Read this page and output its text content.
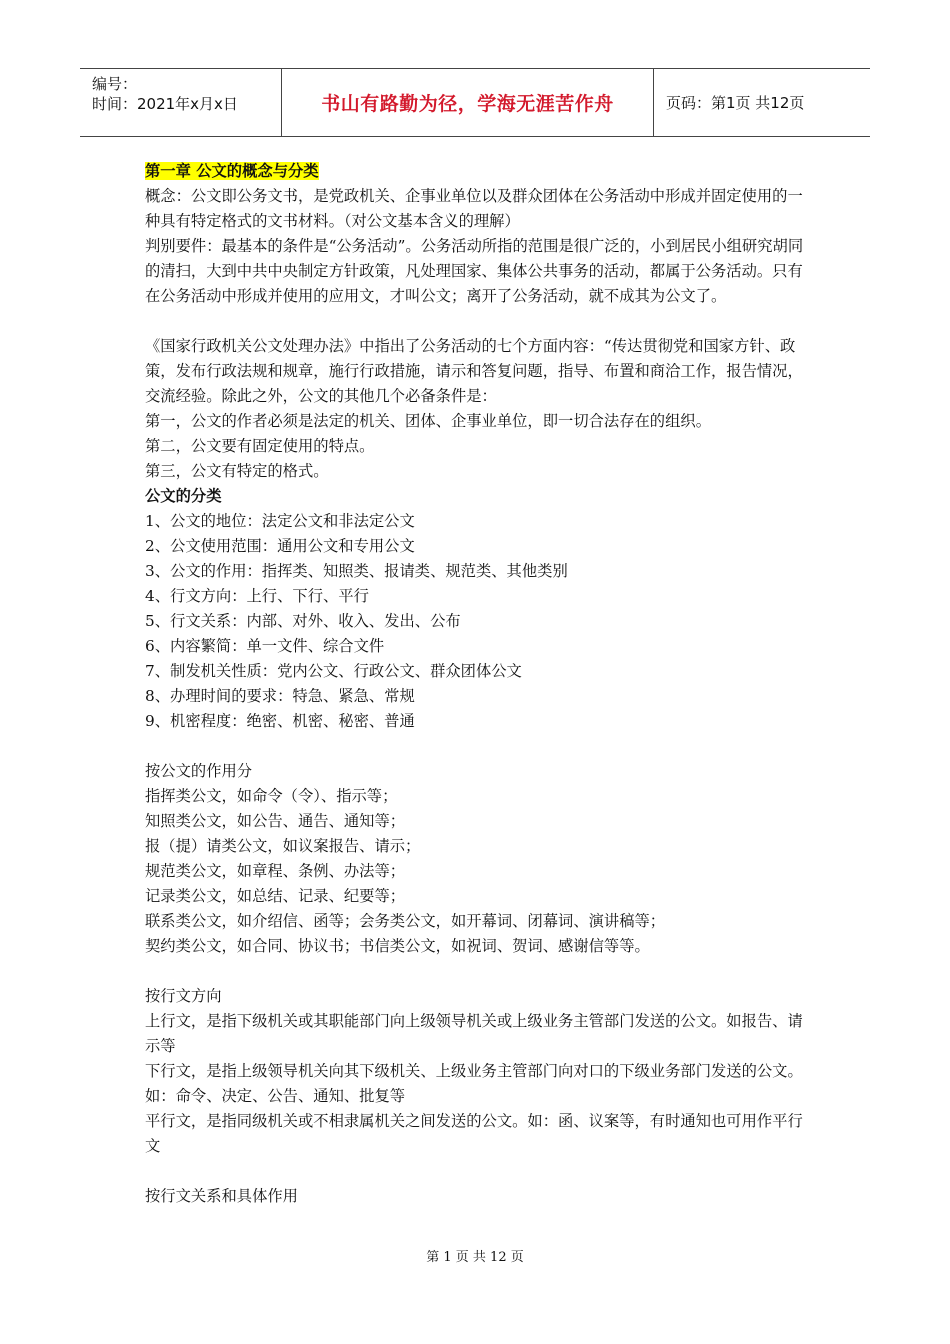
编号：
时间：2021年x月x日	书山有路勤为径，学海无涯苦作舟	页码：第1页 共12页

第一章 公文的概念与分类

概念：公文即公务文书，是党政机关、企事业单位以及群众团体在公务活动中形成并固定使用的一种具有特定格式的文书材料。（对公文基本含义的理解）

判别要件：最基本的条件是“公务活动”。公务活动所指的范围是很广泛的，小到居民小组研究胡同的清扫，大到中共中央制定方针政策，凡处理国家、集体公共事务的活动，都属于公务活动。只有在公务活动中形成并使用的应用文，才叫公文；离开了公务活动，就不成其为公文了。

《国家行政机关公文处理办法》中指出了公务活动的七个方面内容：“传达贯彻党和国家方针、政策，发布行政法规和规章，施行行政措施，请示和答复问题，指导、布置和商洽工作，报告情况，交流经验。除此之外，公文的其他几个必备条件是：

第一，公文的作者必须是法定的机关、团体、企事业单位，即一切合法存在的组织。

第二，公文要有固定使用的特点。

第三，公文有特定的格式。

公文的分类

1、公文的地位：法定公文和非法定公文

2、公文使用范围：通用公文和专用公文

3、公文的作用：指挥类、知照类、报请类、规范类、其他类别

4、行文方向：上行、下行、平行

5、行文关系：内部、对外、收入、发出、公布

6、内容繁简：单一文件、综合文件

7、制发机关性质：党内公文、行政公文、群众团体公文

8、办理时间的要求：特急、紧急、常规

9、机密程度：绝密、机密、秘密、普通

按公文的作用分

指挥类公文，如命令（令）、指示等；

知照类公文，如公告、通告、通知等；

报（提）请类公文，如议案报告、请示；

规范类公文，如章程、条例、办法等；

记录类公文，如总结、记录、纪要等；

联系类公文，如介绍信、函等；会务类公文，如开幕词、闭幕词、演讲稿等；

契约类公文，如合同、协议书；书信类公文，如祝词、贺词、感谢信等等。

按行文方向

上行文，是指下级机关或其职能部门向上级领导机关或上级业务主管部门发送的公文。如报告、请示等

下行文，是指上级领导机关向其下级机关、上级业务主管部门向对口的下级业务部门发送的公文。如：命令、决定、公告、通知、批复等

平行文，是指同级机关或不相隶属机关之间发送的公文。如：函、议案等，有时通知也可用作平行文

按行文关系和具体作用

第 1 页 共 12 页
